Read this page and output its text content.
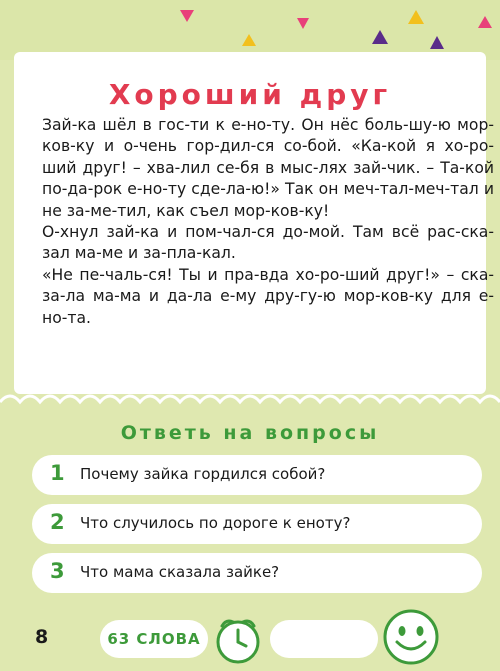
Хороший друг

Зай-ка шёл в гос-ти к е-но-ту. Он нёс боль-шу-ю мор-ков-ку и о-чень гор-дил-ся со-бой. «Ка-кой я хо-ро-ший друг! – хва-лил се-бя в мыс-лях зай-чик. – Та-кой по-да-рок е-но-ту сде-ла-ю!» Так он меч-тал-меч-тал и не за-ме-тил, как съел мор-ков-ку!

О-хнул зай-ка и пом-чал-ся до-мой. Там всё рас-ска-зал ма-ме и за-пла-кал.

«Не пе-чаль-ся! Ты и пра-вда хо-ро-ший друг!» – ска-за-ла ма-ма и да-ла е-му дру-гу-ю мор-ков-ку для е-но-та.

Ответь на вопросы
1 Почему зайка гордился собой?
2 Что случилось по дороге к еноту?
3 Что мама сказала зайке?
8	63 СЛОВА
